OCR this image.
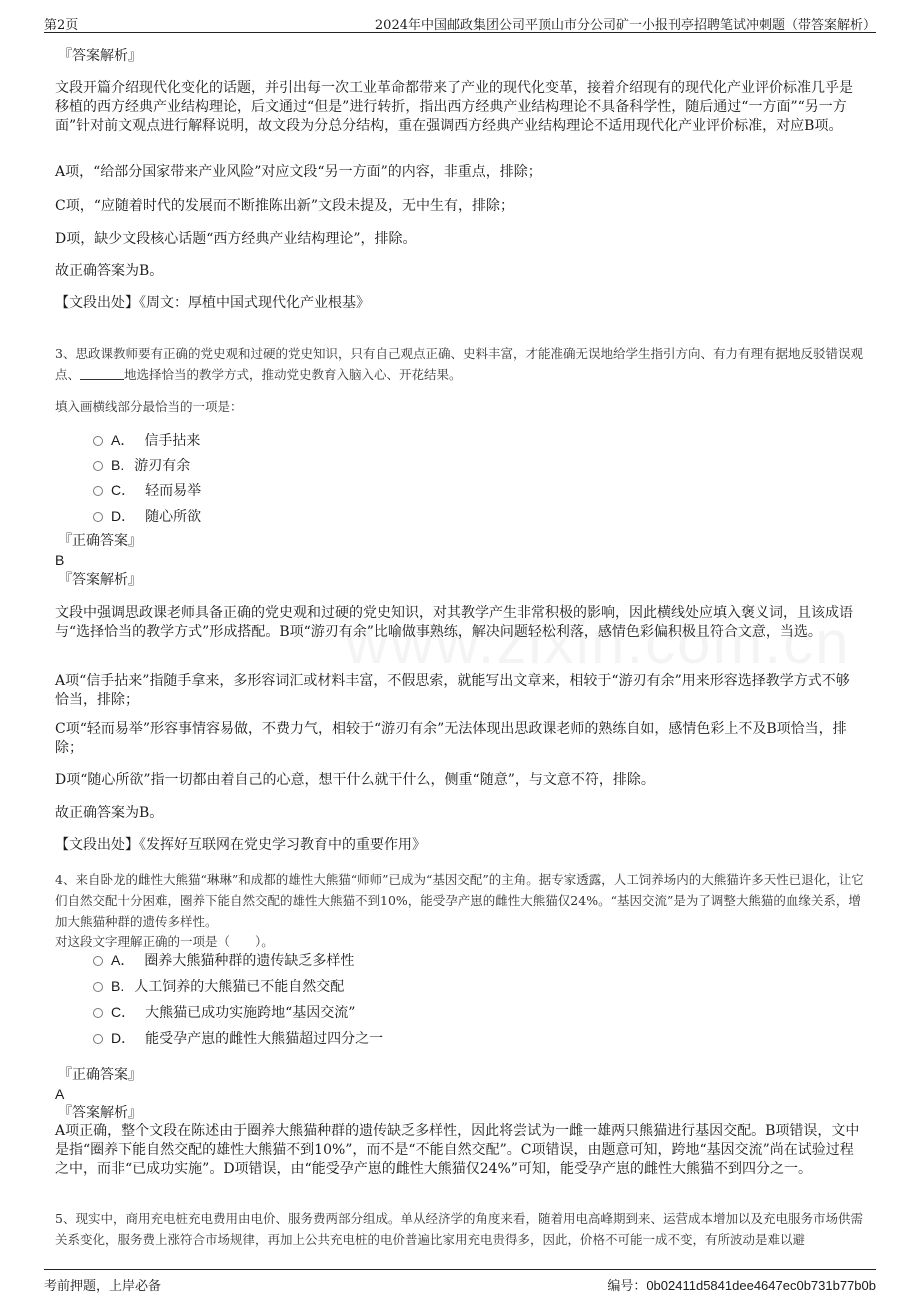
第2页	2024年中国邮政集团公司平顶山市分公司矿一小报刊亭招聘笔试冲刺题（带答案解析）
『答案解析』
文段开篇介绍现代化变化的话题，并引出每一次工业革命都带来了产业的现代化变革，接着介绍现有的现代化产业评价标准几乎是移植的西方经典产业结构理论，后文通过“但是”进行转折，指出西方经典产业结构理论不具备科学性，随后通过“一方面”“另一方面”针对前文观点进行解释说明，故文段为分总分结构，重在强调西方经典产业结构理论不适用现代化产业评价标准，对应B项。
A项，“给部分国家带来产业风险”对应文段“另一方面”的内容，非重点，排除；
C项，“应随着时代的发展而不断推陈出新”文段未提及，无中生有，排除；
D项，缺少文段核心话题“西方经典产业结构理论”，排除。
故正确答案为B。
【文段出处】《周文：厚植中国式现代化产业根基》
3、思政课教师要有正确的党史观和过硬的党史知识，只有自己观点正确、史料丰富，才能准确无误地给学生指引方向、有力有理有据地反驳错误观点、	地选择恰当的教学方式，推动党史教育入脑入心、开花结果。
填入画横线部分最恰当的一项是：
A． 信手拈来
B. 游刃有余
C． 轻而易举
D． 随心所欲
『正确答案』
B
『答案解析』
文段中强调思政课老师具备正确的党史观和过硬的党史知识，对其教学产生非常积极的影响，因此横线处应填入褒义词，且该成语与“选择恰当的教学方式”形成搭配。B项“游刃有余”比喻做事熟练，解决问题轻松利落，感情色彩偏积极且符合文意，当选。
A项“信手拈来”指随手拿来，多形容词汇或材料丰富，不假思索，就能写出文章来，相较于“游刃有余”用来形容选择教学方式不够恰当，排除；
C项“轻而易举”形容事情容易做，不费力气，相较于“游刃有余”无法体现出思政课老师的熟练自如，感情色彩上不及B项恰当，排除；
D项“随心所欲”指一切都由着自己的心意，想干什么就干什么，侧重“随意”，与文意不符，排除。
故正确答案为B。
【文段出处】《发挥好互联网在党史学习教育中的重要作用》
4、来自卧龙的雌性大熊猫“琳琳”和成都的雄性大熊猫“师师”已成为“基因交配”的主角。据专家透露，人工饲养场内的大熊猫许多天性已退化，让它们自然交配十分困难，圈养下能自然交配的雄性大熊猫不到10%，能受孕产崽的雌性大熊猫仅24%。“基因交流”是为了调整大熊猫的血缘关系，增加大熊猫种群的遗传多样性。
对这段文字理解正确的一项是（　　）。
A． 圈养大熊猫种群的遗传缺乏多样性
B. 人工饲养的大熊猫已不能自然交配
C． 大熊猫已成功实施跨地“基因交流”
D． 能受孕产崽的雌性大熊猫超过四分之一
『正确答案』
A
『答案解析』
A项正确，整个文段在陈述由于圈养大熊猫种群的遗传缺乏多样性，因此将尝试为一雌一雄两只熊猫进行基因交配。B项错误，文中是指“圈养下能自然交配的雄性大熊猫不到10%”，而不是“不能自然交配”。C项错误，由题意可知，跨地“基因交流”尚在试验过程之中，而非“已成功实施”。D项错误，由“能受孕产崽的雌性大熊猫仅24%”可知，能受孕产崽的雌性大熊猫不到四分之一。
5、现实中，商用充电桩充电费用由电价、服务费两部分组成。单从经济学的角度来看，随着用电高峰期到来、运营成本增加以及充电服务市场供需关系变化，服务费上涨符合市场规律，再加上公共充电桩的电价普遍比家用充电贵得多，因此，价格不可能一成不变，有所波动是难以避
考前押题，上岸必备	编号：0b02411d5841dee4647ec0b731b77b0b
